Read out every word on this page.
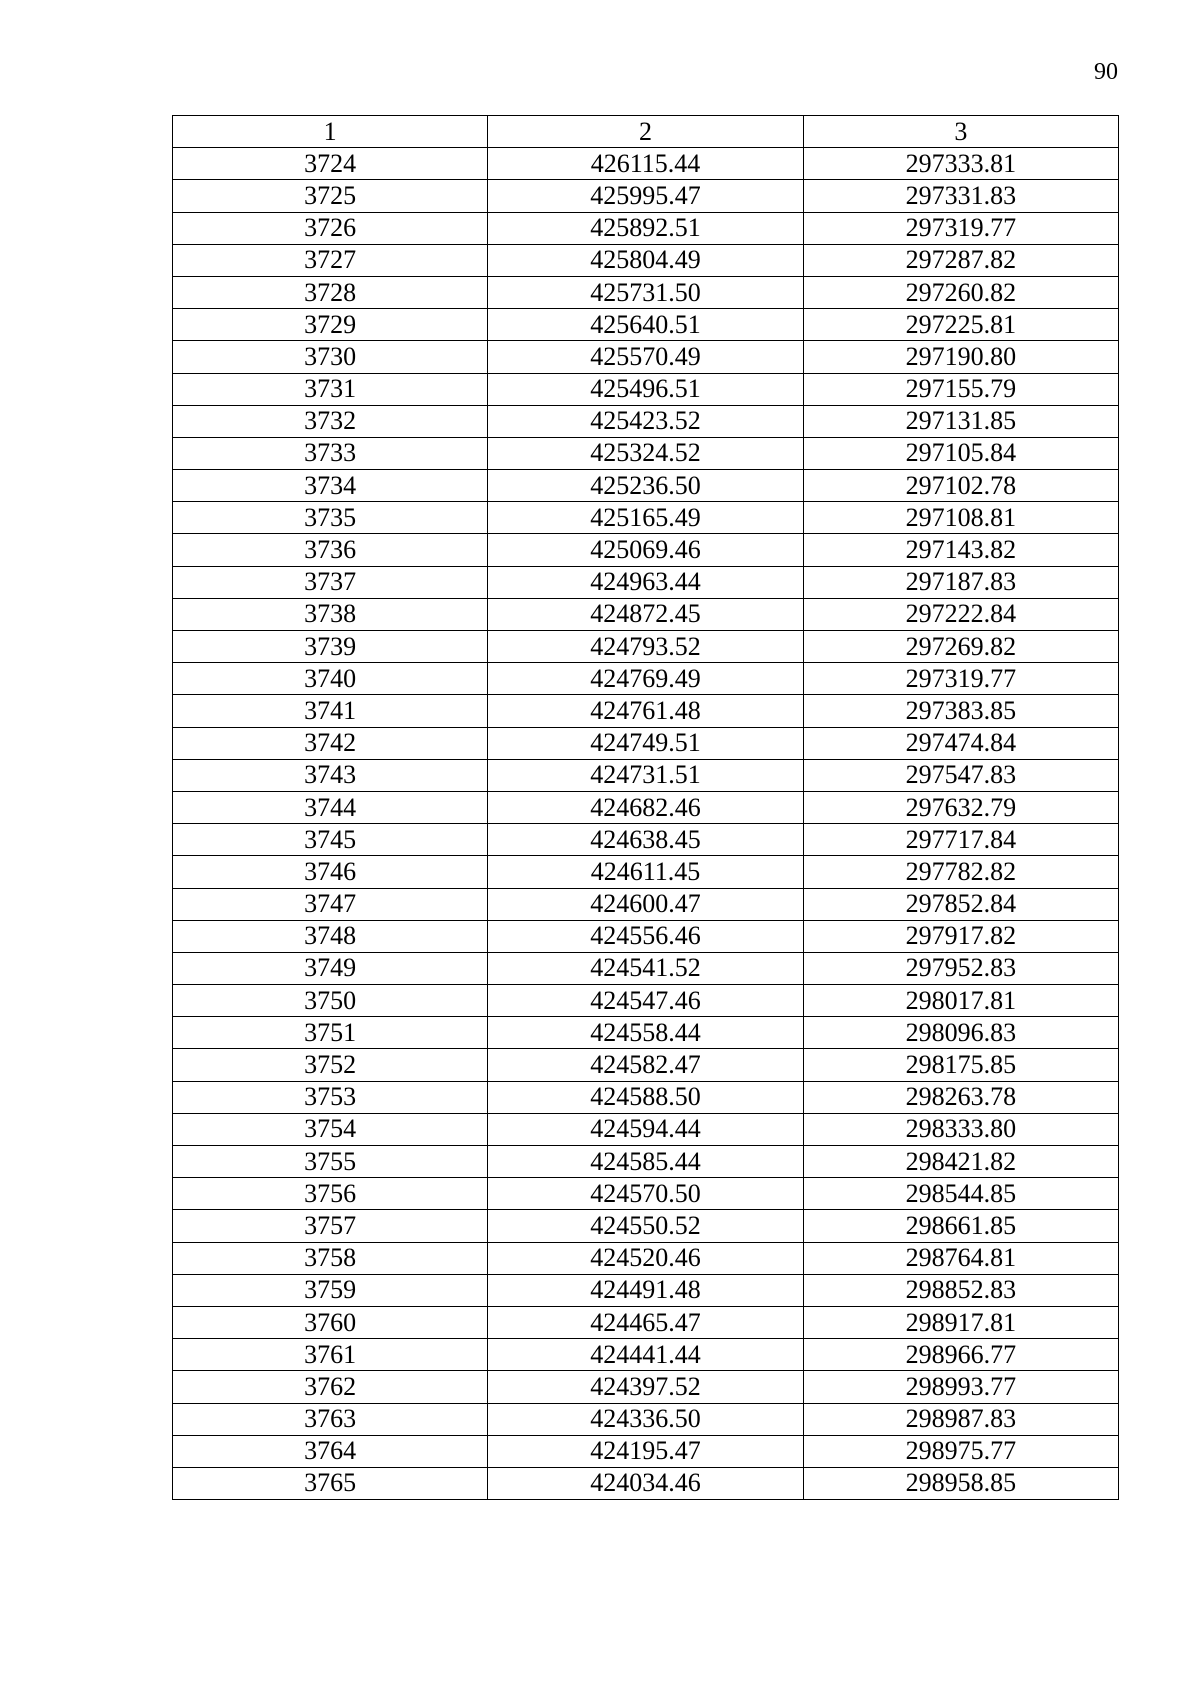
90
1	2	3
3724	426115.44	297333.81
3725	425995.47	297331.83
3726	425892.51	297319.77
3727	425804.49	297287.82
3728	425731.50	297260.82
3729	425640.51	297225.81
3730	425570.49	297190.80
3731	425496.51	297155.79
3732	425423.52	297131.85
3733	425324.52	297105.84
3734	425236.50	297102.78
3735	425165.49	297108.81
3736	425069.46	297143.82
3737	424963.44	297187.83
3738	424872.45	297222.84
3739	424793.52	297269.82
3740	424769.49	297319.77
3741	424761.48	297383.85
3742	424749.51	297474.84
3743	424731.51	297547.83
3744	424682.46	297632.79
3745	424638.45	297717.84
3746	424611.45	297782.82
3747	424600.47	297852.84
3748	424556.46	297917.82
3749	424541.52	297952.83
3750	424547.46	298017.81
3751	424558.44	298096.83
3752	424582.47	298175.85
3753	424588.50	298263.78
3754	424594.44	298333.80
3755	424585.44	298421.82
3756	424570.50	298544.85
3757	424550.52	298661.85
3758	424520.46	298764.81
3759	424491.48	298852.83
3760	424465.47	298917.81
3761	424441.44	298966.77
3762	424397.52	298993.77
3763	424336.50	298987.83
3764	424195.47	298975.77
3765	424034.46	298958.85
